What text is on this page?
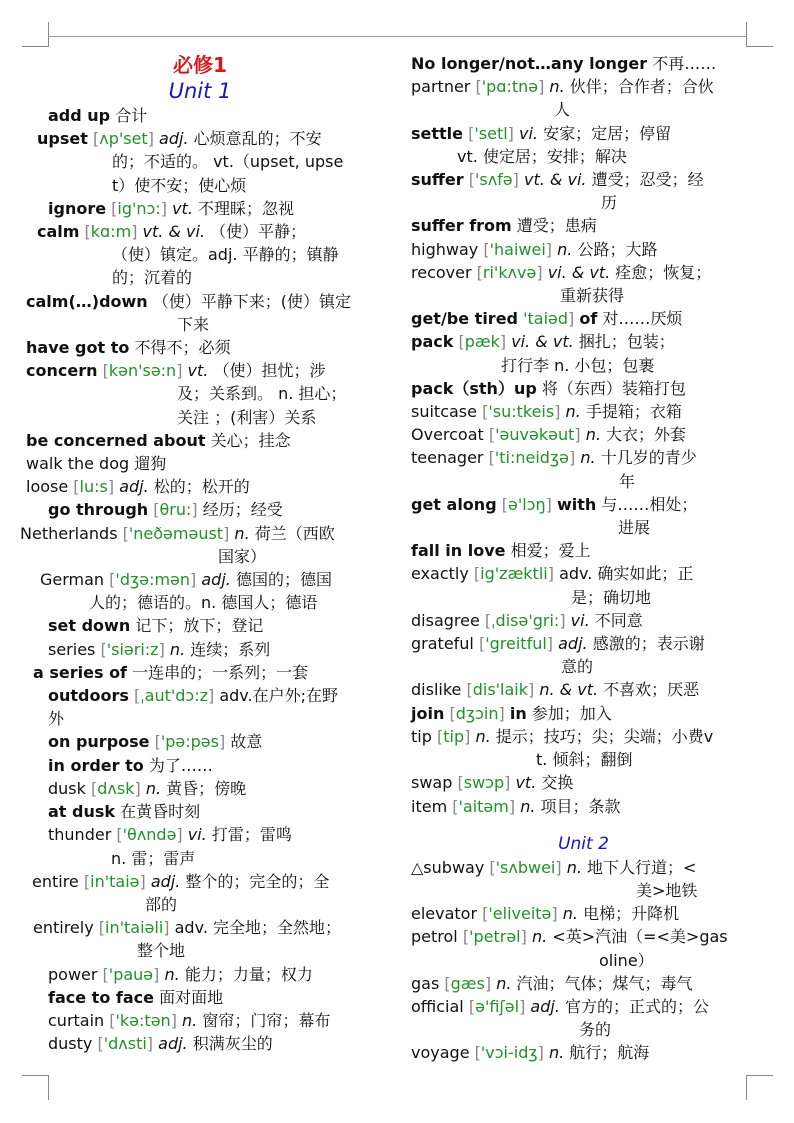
必修1
Unit 1
add up 合计
upset [ʌp'set] adj. 心烦意乱的；不安
的；不适的。 vt.（upset, upse
t）使不安；使心烦
ignore [ig'nɔ:] vt. 不理睬；忽视
calm [kɑ:m] vt. & vi. （使）平静；
（使）镇定。adj. 平静的；镇静
的；沉着的
calm(…)down （使）平静下来；(使）镇定
下来
have got to 不得不；必须
concern [kən'sə:n] vt. （使）担忧；涉
及；关系到。 n. 担心；
关注 ；(利害）关系
be concerned about 关心；挂念
walk the dog 遛狗
loose [lu:s] adj. 松的；松开的
go through [θru:] 经历；经受
Netherlands ['neðəməust] n. 荷兰（西欧
国家）
German ['dʒə:mən] adj. 德国的；德国
人的；德语的。n. 德国人；德语
set down 记下；放下；登记
series ['siəri:z] n. 连续；系列
a series of 一连串的；一系列；一套
outdoors [ˌaut'dɔ:z] adv.在户外;在野
外
on purpose ['pə:pəs] 故意
in order to 为了……
dusk [dʌsk] n. 黄昏；傍晚
at dusk 在黄昏时刻
thunder ['θʌndə] vi. 打雷；雷鸣
n. 雷；雷声
entire [in'taiə] adj. 整个的；完全的；全
部的
entirely [in'taiəli] adv. 完全地；全然地；
整个地
power ['pauə] n. 能力；力量；权力
face to face 面对面地
curtain ['kə:tən] n. 窗帘；门帘；幕布
dusty ['dʌsti] adj. 积满灰尘的
No longer/not…any longer 不再……
partner ['pɑ:tnə] n. 伙伴；合作者；合伙
人
settle ['setl] vi. 安家；定居；停留
vt. 使定居；安排；解决
suffer ['sʌfə] vt. & vi. 遭受；忍受；经
历
suffer from 遭受；患病
highway ['haiwei] n. 公路；大路
recover [ri'kʌvə] vi. & vt. 痊愈；恢复；
重新获得
get/be tired 'taiəd] of 对……厌烦
pack [pæk] vi. & vt. 捆扎；包装；
打行李 n. 小包；包裹
pack（sth）up 将（东西）装箱打包
suitcase ['su:tkeis] n. 手提箱；衣箱
Overcoat ['əuvəkəut] n. 大衣；外套
teenager ['ti:neidʒə] n. 十几岁的青少
年
get along [ə'lɔŋ] with 与……相处；
进展
fall in love 相爱；爱上
exactly [ig'zæktli] adv. 确实如此；正
是；确切地
disagree [ˌdisə'gri:] vi. 不同意
grateful ['greitful] adj. 感激的；表示谢
意的
dislike [dis'laik] n. & vt. 不喜欢；厌恶
join [dʒɔin] in 参加；加入
tip [tip] n. 提示；技巧；尖；尖端；小费v
t. 倾斜；翻倒
swap [swɔp] vt. 交换
item ['aitəm] n. 项目；条款
Unit 2
△subway ['sʌbwei] n. 地下人行道；<
美>地铁
elevator ['eliveitə] n. 电梯；升降机
petrol ['petrəl] n. <英>汽油（=<美>gas
oline）
gas [gæs] n. 汽油；气体；煤气；毒气
official [ə'fiʃəl] adj. 官方的；正式的；公
务的
voyage ['vɔi-idʒ] n. 航行；航海
